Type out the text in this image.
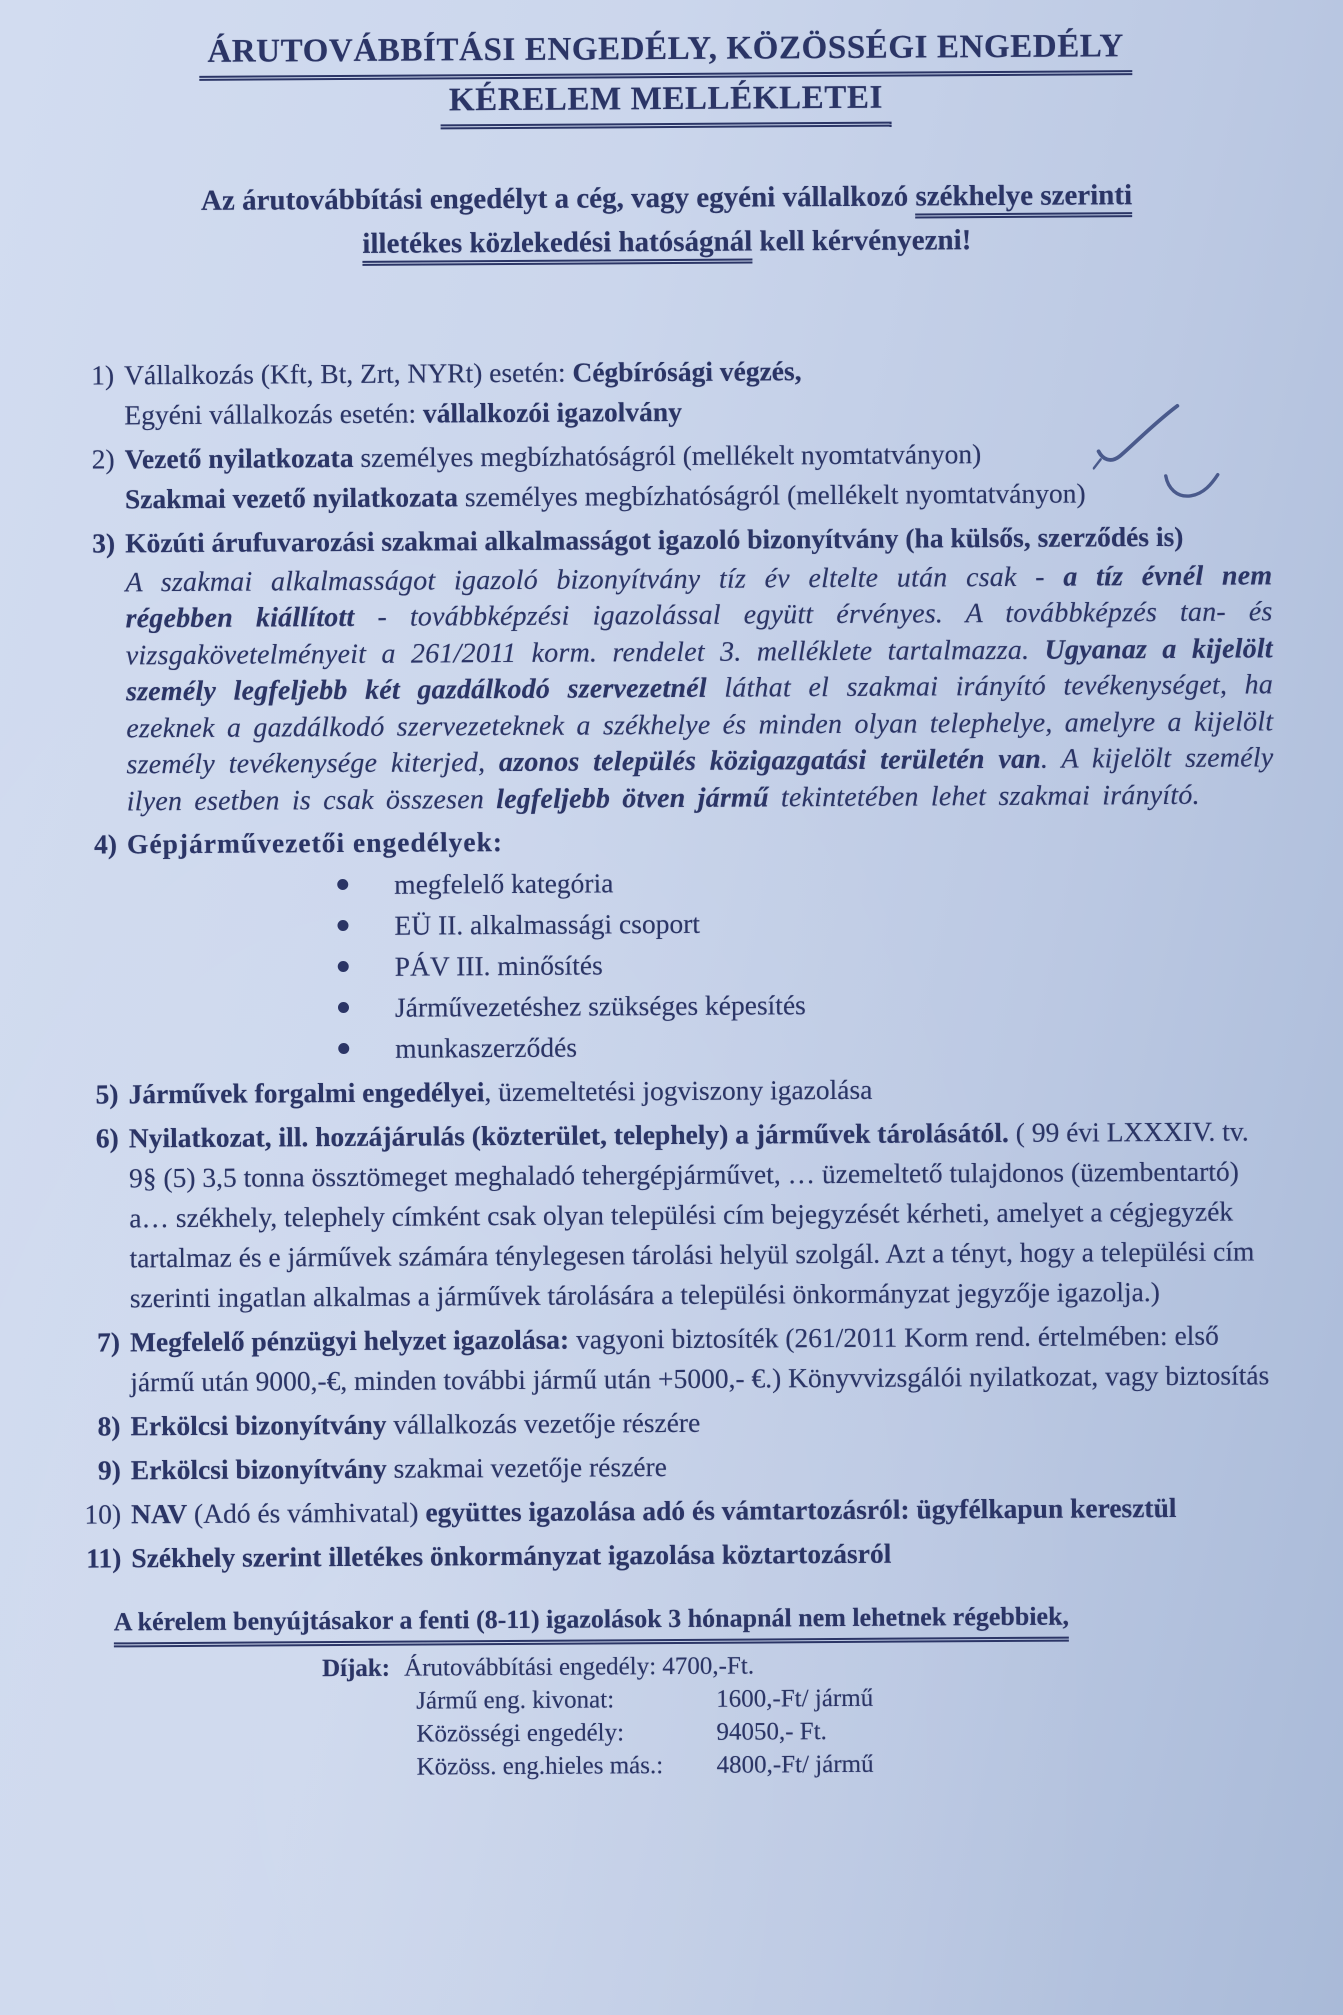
ÁRUTOVÁBBÍTÁSI ENGEDÉLY, KÖZÖSSÉGI ENGEDÉLY
KÉRELEM MELLÉKLETEI
Az árutovábbítási engedélyt a cég, vagy egyéni vállalkozó székhelye szerinti
illetékes közlekedési hatóságnál kell kérvényezni!
1) Vállalkozás (Kft, Bt, Zrt, NYRt) esetén: Cégbírósági végzés,
Egyéni vállalkozás esetén: vállalkozói igazolvány
2) Vezető nyilatkozata személyes megbízhatóságról (mellékelt nyomtatványon)
Szakmai vezető nyilatkozata személyes megbízhatóságról (mellékelt nyomtatványon)
3) Közúti árufuvarozási szakmai alkalmasságot igazoló bizonyítvány (ha külsős, szerződés is)
A szakmai alkalmasságot igazoló bizonyítvány tíz év eltelte után csak - a tíz évnél nem régebben kiállított - továbbképzési igazolással együtt érvényes. A továbbképzés tan- és vizsgakövetelményeit a 261/2011 korm. rendelet 3. melléklete tartalmazza. Ugyanaz a kijelölt személy legfeljebb két gazdálkodó szervezetnél láthat el szakmai irányító tevékenységet, ha ezeknek a gazdálkodó szervezeteknek a székhelye és minden olyan telephelye, amelyre a kijelölt személy tevékenysége kiterjed, azonos település közigazgatási területén van. A kijelölt személy ilyen esetben is csak összesen legfeljebb ötven jármű tekintetében lehet szakmai irányító.
4) Gépjárművezetői engedélyek:
megfelelő kategória
EÜ II. alkalmassági csoport
PÁV III. minősítés
Járművezetéshez szükséges képesítés
munkaszerződés
5) Járművek forgalmi engedélyei, üzemeltetési jogviszony igazolása
6) Nyilatkozat, ill. hozzájárulás (közterület, telephely) a járművek tárolásától. ( 99 évi LXXXIV. tv. 9§ (5) 3,5 tonna össztömeget meghaladó tehergépjárművet, … üzemeltető tulajdonos (üzembentartó) a… székhely, telephely címként csak olyan települési cím bejegyzését kérheti, amelyet a cégjegyzék tartalmaz és e járművek számára ténylegesen tárolási helyül szolgál. Azt a tényt, hogy a települési cím szerinti ingatlan alkalmas a járművek tárolására a települési önkormányzat jegyzője igazolja.)
7) Megfelelő pénzügyi helyzet igazolása: vagyoni biztosíték (261/2011 Korm rend. értelmében: első jármű után 9000,-€, minden további jármű után +5000,- €.) Könyvvizsgálói nyilatkozat, vagy biztosítás
8) Erkölcsi bizonyítvány vállalkozás vezetője részére
9) Erkölcsi bizonyítvány szakmai vezetője részére
10) NAV (Adó és vámhivatal) együttes igazolása adó és vámtartozásról: ügyfélkapun keresztül
11) Székhely szerint illetékes önkormányzat igazolása köztartozásról
A kérelem benyújtásakor a fenti (8-11) igazolások 3 hónapnál nem lehetnek régebbiek,
Díjak: Árutovábbítási engedély: 4700,-Ft.
Jármű eng. kivonat:	1600,-Ft/ jármű
Közösségi engedély:	94050,- Ft.
Közöss. eng.hieles más.:	4800,-Ft/ jármű
